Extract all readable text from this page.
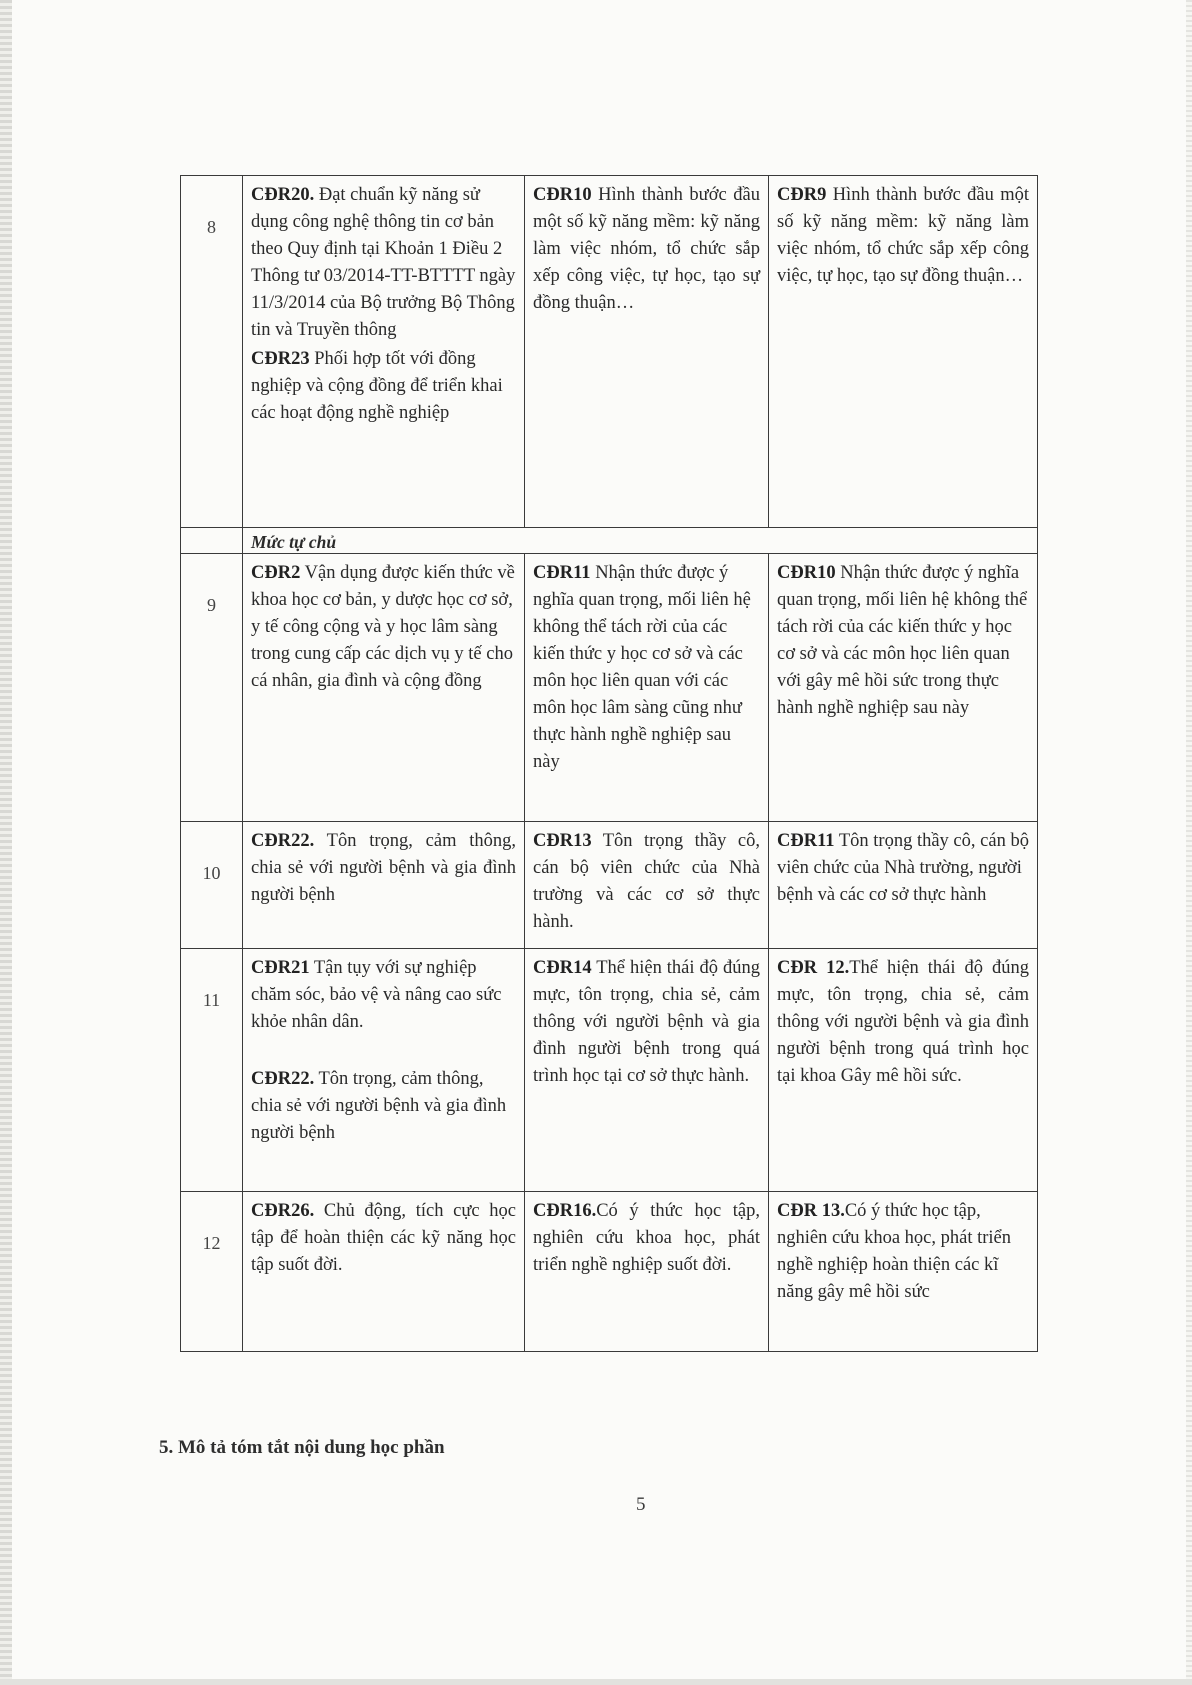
8	CĐR20. Đạt chuẩn kỹ năng sử dụng công nghệ thông tin cơ bản theo Quy định tại Khoản 1 Điều 2 Thông tư 03/2014-TT-BTTTT ngày 11/3/2014 của Bộ trưởng Bộ Thông tin và Truyền thông
CĐR23 Phối hợp tốt với đồng nghiệp và cộng đồng để triển khai các hoạt động nghề nghiệp	CĐR10 Hình thành bước đầu một số kỹ năng mềm: kỹ năng làm việc nhóm, tổ chức sắp xếp công việc, tự học, tạo sự đồng thuận…	CĐR9 Hình thành bước đầu một số kỹ năng mềm: kỹ năng làm việc nhóm, tổ chức sắp xếp công việc, tự học, tạo sự đồng thuận…

	Mức tự chủ		
9	CĐR2 Vận dụng được kiến thức về khoa học cơ bản, y dược học cơ sở, y tế công cộng và y học lâm sàng trong cung cấp các dịch vụ y tế cho cá nhân, gia đình và cộng đồng	CĐR11 Nhận thức được ý nghĩa quan trọng, mối liên hệ không thể tách rời của các kiến thức y học cơ sở và các môn học liên quan với các môn học lâm sàng cũng như thực hành nghề nghiệp sau này	CĐR10 Nhận thức được ý nghĩa quan trọng, mối liên hệ không thể tách rời của các kiến thức y học cơ sở và các môn học liên quan với gây mê hồi sức trong thực hành nghề nghiệp sau này

10	CĐR22. Tôn trọng, cảm thông, chia sẻ với người bệnh và gia đình người bệnh	CĐR13 Tôn trọng thầy cô, cán bộ viên chức của Nhà trường và các cơ sở thực hành.	CĐR11 Tôn trọng thầy cô, cán bộ viên chức của Nhà trường, người bệnh và các cơ sở thực hành

11	CĐR21 Tận tụy với sự nghiệp chăm sóc, bảo vệ và nâng cao sức khỏe nhân dân.
CĐR22. Tôn trọng, cảm thông, chia sẻ với người bệnh và gia đình người bệnh	CĐR14 Thể hiện thái độ đúng mực, tôn trọng, chia sẻ, cảm thông với người bệnh và gia đình người bệnh trong quá trình học tại cơ sở thực hành.	CĐR 12.Thể hiện thái độ đúng mực, tôn trọng, chia sẻ, cảm thông với người bệnh và gia đình người bệnh trong quá trình học tại khoa Gây mê hồi sức.

12	CĐR26. Chủ động, tích cực học tập để hoàn thiện các kỹ năng học tập suốt đời.	CĐR16.Có ý thức học tập, nghiên cứu khoa học, phát triển nghề nghiệp suốt đời.	CĐR 13.Có ý thức học tập, nghiên cứu khoa học, phát triển nghề nghiệp hoàn thiện các kĩ năng gây mê hồi sức
5. Mô tả tóm tắt nội dung học phần
5
